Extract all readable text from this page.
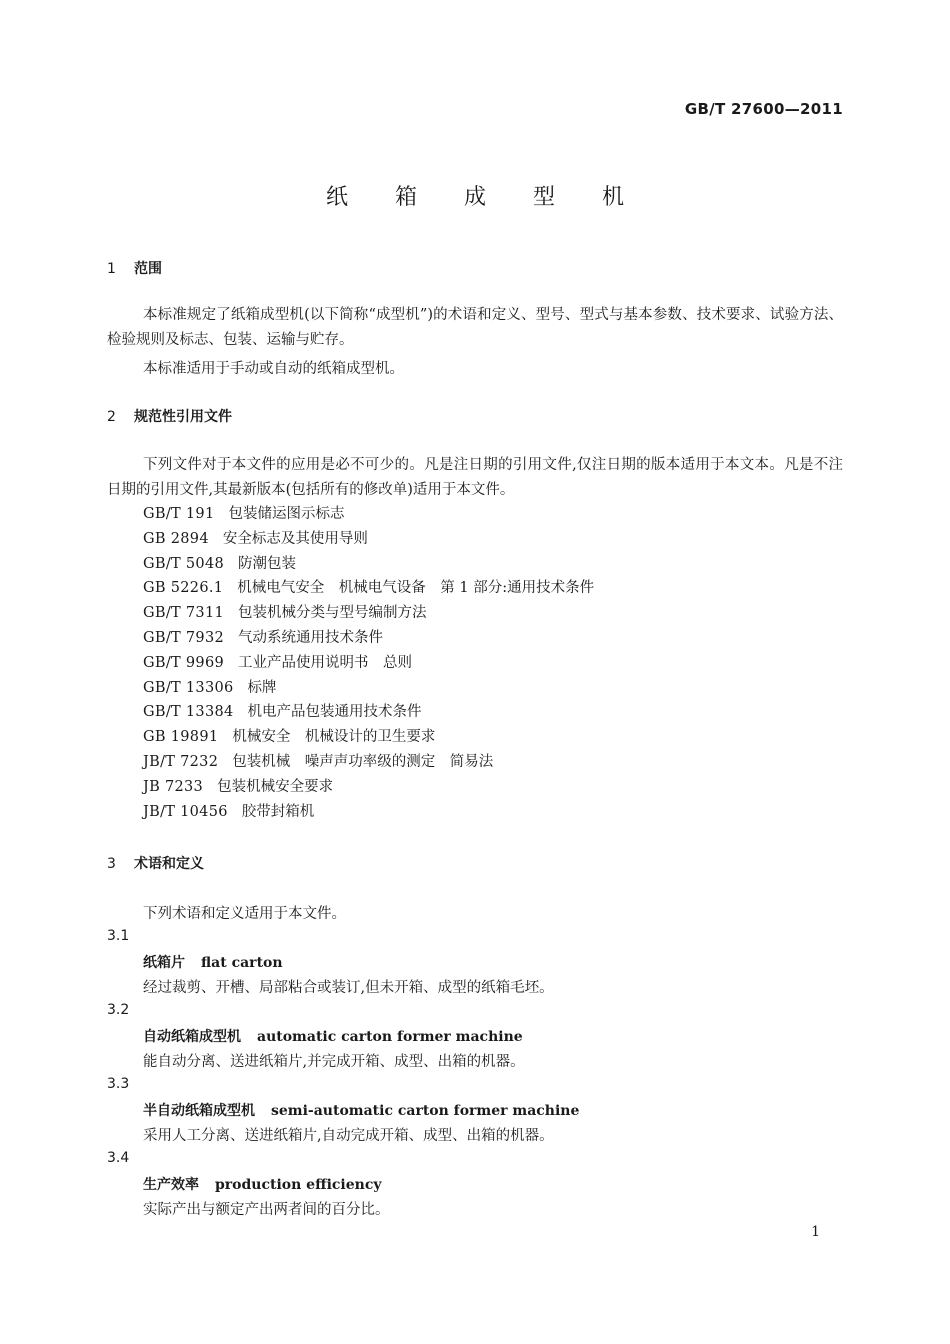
GB/T 27600—2011
纸 箱 成 型 机
1 范围
本标准规定了纸箱成型机(以下简称“成型机”)的术语和定义、型号、型式与基本参数、技术要求、试验方法、检验规则及标志、包装、运输与贮存。
本标准适用于手动或自动的纸箱成型机。
2 规范性引用文件
下列文件对于本文件的应用是必不可少的。凡是注日期的引用文件,仅注日期的版本适用于本文本。凡是不注日期的引用文件,其最新版本(包括所有的修改单)适用于本文件。
GB/T 191 包装储运图示标志
GB 2894 安全标志及其使用导则
GB/T 5048 防潮包装
GB 5226.1 机械电气安全　机械电气设备　第 1 部分:通用技术条件
GB/T 7311 包装机械分类与型号编制方法
GB/T 7932 气动系统通用技术条件
GB/T 9969 工业产品使用说明书　总则
GB/T 13306 标牌
GB/T 13384 机电产品包装通用技术条件
GB 19891 机械安全　机械设计的卫生要求
JB/T 7232 包装机械　噪声声功率级的测定　简易法
JB 7233 包装机械安全要求
JB/T 10456 胶带封箱机
3 术语和定义
下列术语和定义适用于本文件。
3.1
纸箱片 flat carton
经过裁剪、开槽、局部粘合或装订,但未开箱、成型的纸箱毛坯。
3.2
自动纸箱成型机 automatic carton former machine
能自动分离、送进纸箱片,并完成开箱、成型、出箱的机器。
3.3
半自动纸箱成型机 semi-automatic carton former machine
采用人工分离、送进纸箱片,自动完成开箱、成型、出箱的机器。
3.4
生产效率 production efficiency
实际产出与额定产出两者间的百分比。
1
